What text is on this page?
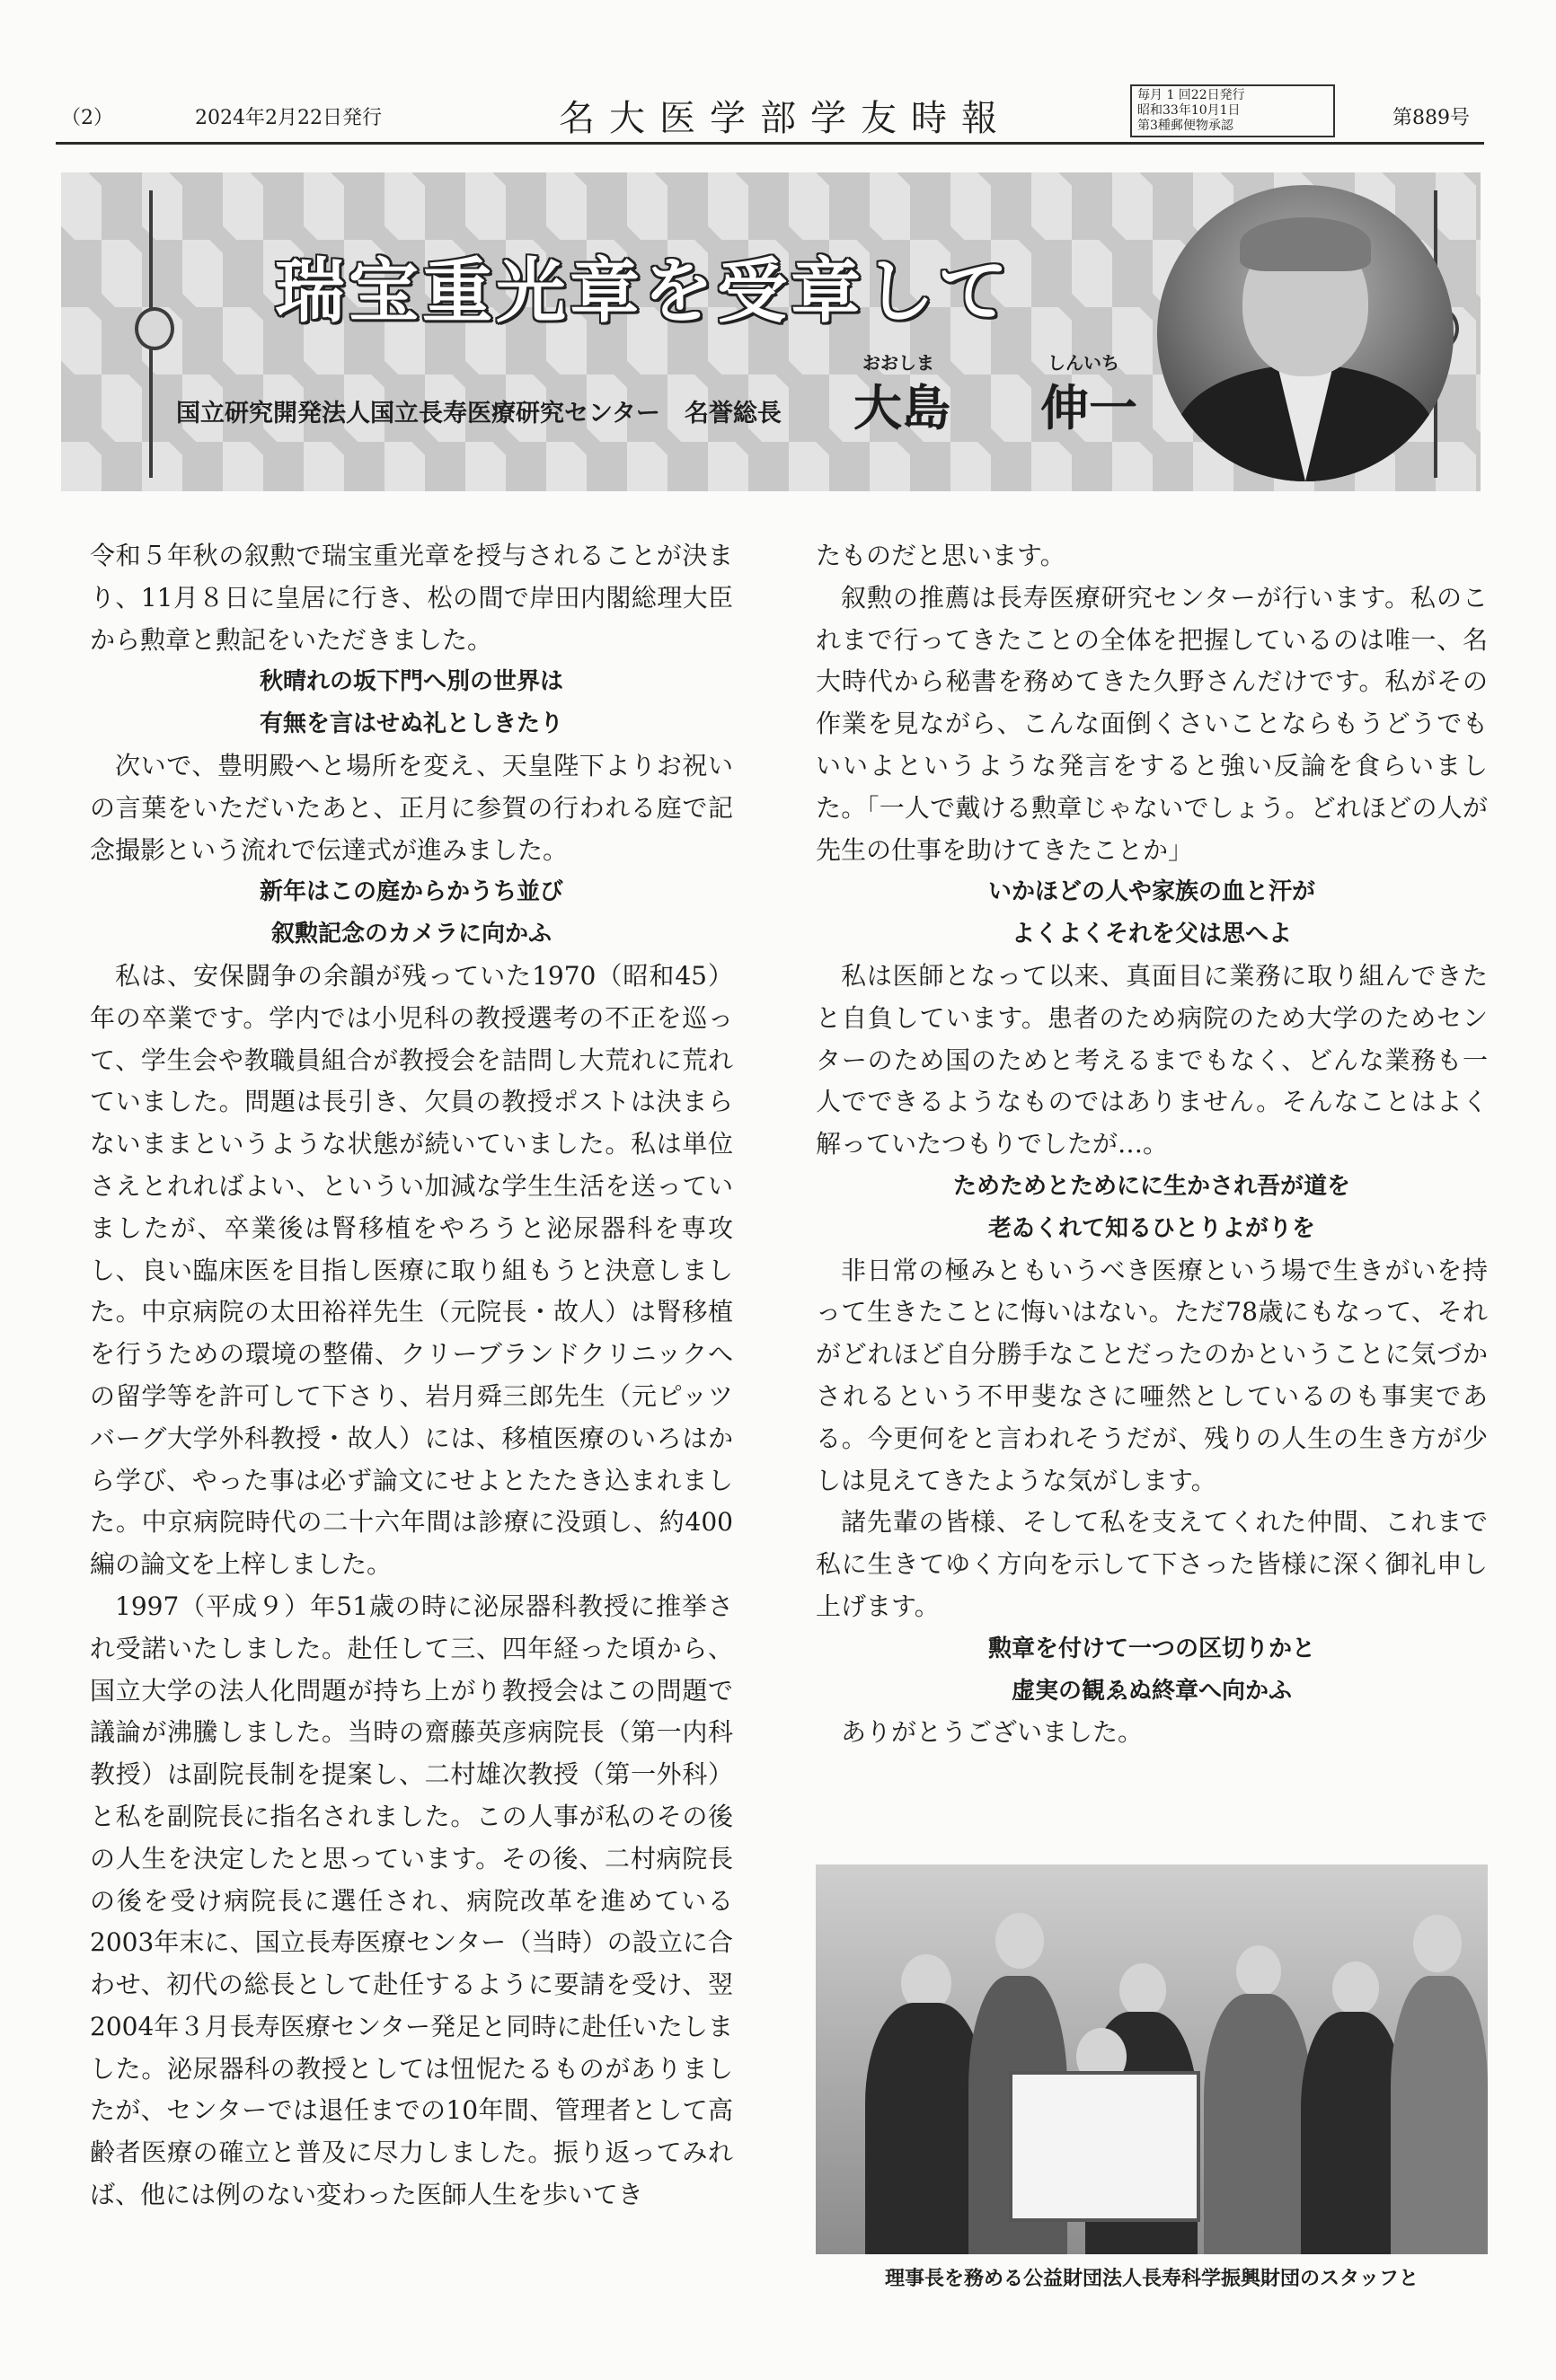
（2）	2024年2月22日発行	名大医学部学友時報
毎月 1 回22日発行
昭和33年10月1日
第3種郵便物承認	第889号
瑞宝重光章を受章して
国立研究開発法人国立長寿医療研究センター　名誉総長
おおしま	しんいち
大島 伸一

令和５年秋の叙勲で瑞宝重光章を授与されることが決まり、11月８日に皇居に行き、松の間で岸田内閣総理大臣から勲章と勲記をいただきました。

秋晴れの坂下門へ別の世界は
有無を言はせぬ礼としきたり

次いで、豊明殿へと場所を変え、天皇陛下よりお祝いの言葉をいただいたあと、正月に参賀の行われる庭で記念撮影という流れで伝達式が進みました。

新年はこの庭からかうち並び
叙勲記念のカメラに向かふ

私は、安保闘争の余韻が残っていた1970（昭和45）年の卒業です。学内では小児科の教授選考の不正を巡って、学生会や教職員組合が教授会を詰問し大荒れに荒れていました。問題は長引き、欠員の教授ポストは決まらないままというような状態が続いていました。私は単位さえとれればよい、というい加減な学生生活を送っていましたが、卒業後は腎移植をやろうと泌尿器科を専攻し、良い臨床医を目指し医療に取り組もうと決意しました。中京病院の太田裕祥先生（元院長・故人）は腎移植を行うための環境の整備、クリーブランドクリニックへの留学等を許可して下さり、岩月舜三郎先生（元ピッツバーグ大学外科教授・故人）には、移植医療のいろはから学び、やった事は必ず論文にせよとたたき込まれました。中京病院時代の二十六年間は診療に没頭し、約400編の論文を上梓しました。

1997（平成９）年51歳の時に泌尿器科教授に推挙され受諾いたしました。赴任して三、四年経った頃から、国立大学の法人化問題が持ち上がり教授会はこの問題で議論が沸騰しました。当時の齋藤英彦病院長（第一内科教授）は副院長制を提案し、二村雄次教授（第一外科）と私を副院長に指名されました。この人事が私のその後の人生を決定したと思っています。その後、二村病院長の後を受け病院長に選任され、病院改革を進めている2003年末に、国立長寿医療センター（当時）の設立に合わせ、初代の総長として赴任するように要請を受け、翌2004年３月長寿医療センター発足と同時に赴任いたしました。泌尿器科の教授としては忸怩たるものがありましたが、センターでは退任までの10年間、管理者として高齢者医療の確立と普及に尽力しました。振り返ってみれば、他には例のない変わった医師人生を歩いてき

たものだと思います。

叙勲の推薦は長寿医療研究センターが行います。私のこれまで行ってきたことの全体を把握しているのは唯一、名大時代から秘書を務めてきた久野さんだけです。私がその作業を見ながら、こんな面倒くさいことならもうどうでもいいよというような発言をすると強い反論を食らいました。「一人で戴ける勲章じゃないでしょう。どれほどの人が先生の仕事を助けてきたことか」

いかほどの人や家族の血と汗が
よくよくそれを父は思へよ

私は医師となって以来、真面目に業務に取り組んできたと自負しています。患者のため病院のため大学のためセンターのため国のためと考えるまでもなく、どんな業務も一人でできるようなものではありません。そんなことはよく解っていたつもりでしたが…。

ためためとためにに生かされ吾が道を
老ゐくれて知るひとりよがりを

非日常の極みともいうべき医療という場で生きがいを持って生きたことに悔いはない。ただ78歳にもなって、それがどれほど自分勝手なことだったのかということに気づかされるという不甲斐なさに唖然としているのも事実である。今更何をと言われそうだが、残りの人生の生き方が少しは見えてきたような気がします。

諸先輩の皆様、そして私を支えてくれた仲間、これまで私に生きてゆく方向を示して下さった皆様に深く御礼申し上げます。

勲章を付けて一つの区切りかと
虚実の観ゑぬ終章へ向かふ

ありがとうございました。

理事長を務める公益財団法人長寿科学振興財団のスタッフと
